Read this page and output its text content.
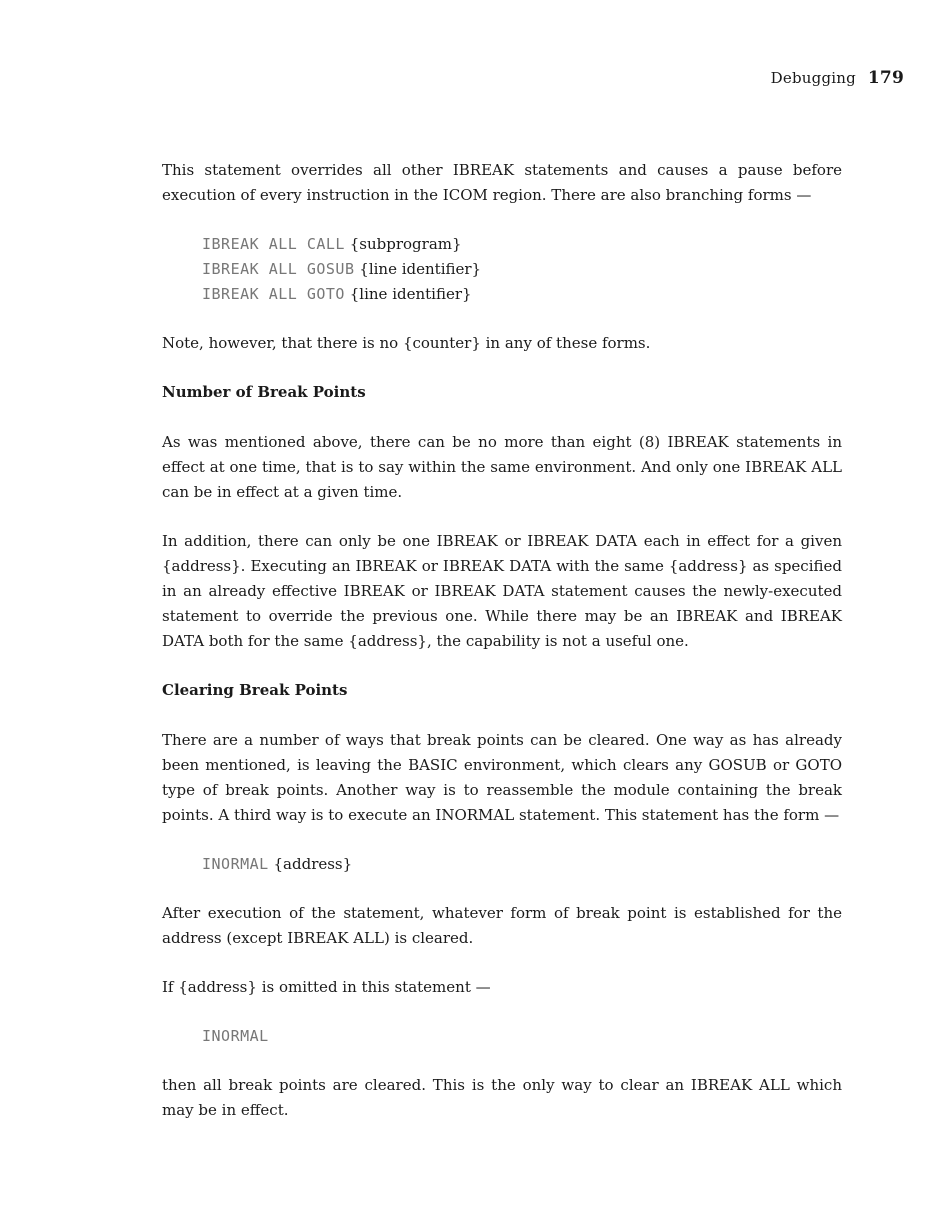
Debugging 179

This statement overrides all other IBREAK statements and causes a pause before execution of every instruction in the ICOM region. There are also branching forms —

IBREAK ALL CALL {subprogram}
IBREAK ALL GOSUB {line identifier}
IBREAK ALL GOTO {line identifier}

Note, however, that there is no {counter} in any of these forms.

Number of Break Points

As was mentioned above, there can be no more than eight (8) IBREAK statements in effect at one time, that is to say within the same environment. And only one IBREAK ALL can be in effect at a given time.

In addition, there can only be one IBREAK or IBREAK DATA each in effect for a given {address}. Executing an IBREAK or IBREAK DATA with the same {address} as specified in an already effective IBREAK or IBREAK DATA statement causes the newly-executed statement to override the previous one. While there may be an IBREAK and IBREAK DATA both for the same {address}, the capability is not a useful one.

Clearing Break Points

There are a number of ways that break points can be cleared. One way as has already been mentioned, is leaving the BASIC environment, which clears any GOSUB or GOTO type of break points. Another way is to reassemble the module containing the break points. A third way is to execute an INORMAL statement. This statement has the form —

INORMAL {address}

After execution of the statement, whatever form of break point is established for the address (except IBREAK ALL) is cleared.

If {address} is omitted in this statement —

INORMAL

then all break points are cleared. This is the only way to clear an IBREAK ALL which may be in effect.
